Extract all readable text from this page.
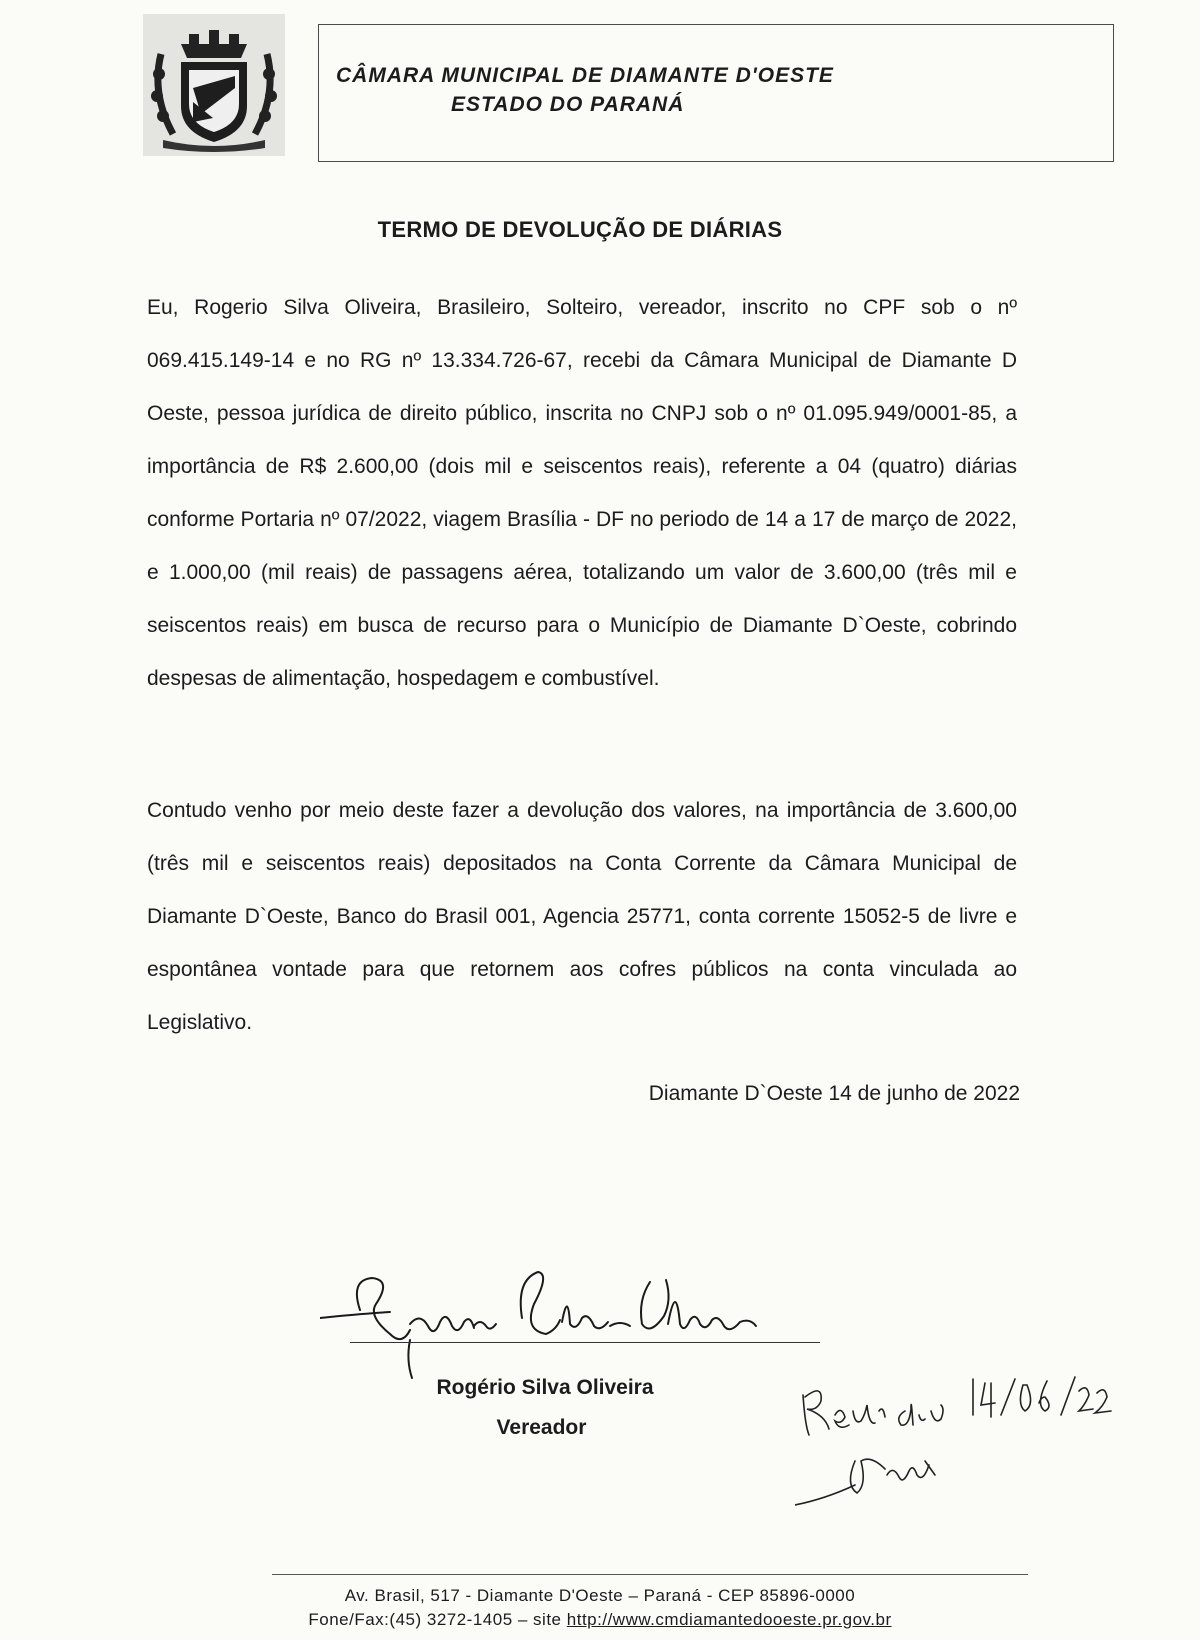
CÂMARA MUNICIPAL DE DIAMANTE D'OESTE
ESTADO DO PARANÁ
TERMO DE DEVOLUÇÃO DE DIÁRIAS

Eu, Rogerio Silva Oliveira, Brasileiro, Solteiro, vereador, inscrito no CPF sob o nº 069.415.149-14 e no RG nº 13.334.726-67, recebi da Câmara Municipal de Diamante D Oeste, pessoa jurídica de direito público, inscrita no CNPJ sob o nº 01.095.949/0001-85, a importância de R$ 2.600,00 (dois mil e seiscentos reais), referente a 04 (quatro) diárias conforme Portaria nº 07/2022, viagem Brasília - DF no periodo de 14 a 17 de março de 2022, e 1.000,00 (mil reais) de passagens aérea, totalizando um valor de 3.600,00 (três mil e seiscentos reais) em busca de recurso para o Município de Diamante D`Oeste, cobrindo despesas de alimentação, hospedagem e combustível.

Contudo venho por meio deste fazer a devolução dos valores, na importância de 3.600,00 (três mil e seiscentos reais) depositados na Conta Corrente da Câmara Municipal de Diamante D`Oeste, Banco do Brasil 001, Agencia 25771, conta corrente 15052-5 de livre e espontânea vontade para que retornem aos cofres públicos na conta vinculada ao Legislativo.

Diamante D`Oeste 14 de junho de 2022
Rogério Silva Oliveira
Vereador
Av. Brasil, 517 - Diamante D'Oeste – Paraná - CEP 85896-0000
Fone/Fax:(45) 3272-1405 – site http://www.cmdiamantedooeste.pr.gov.br
